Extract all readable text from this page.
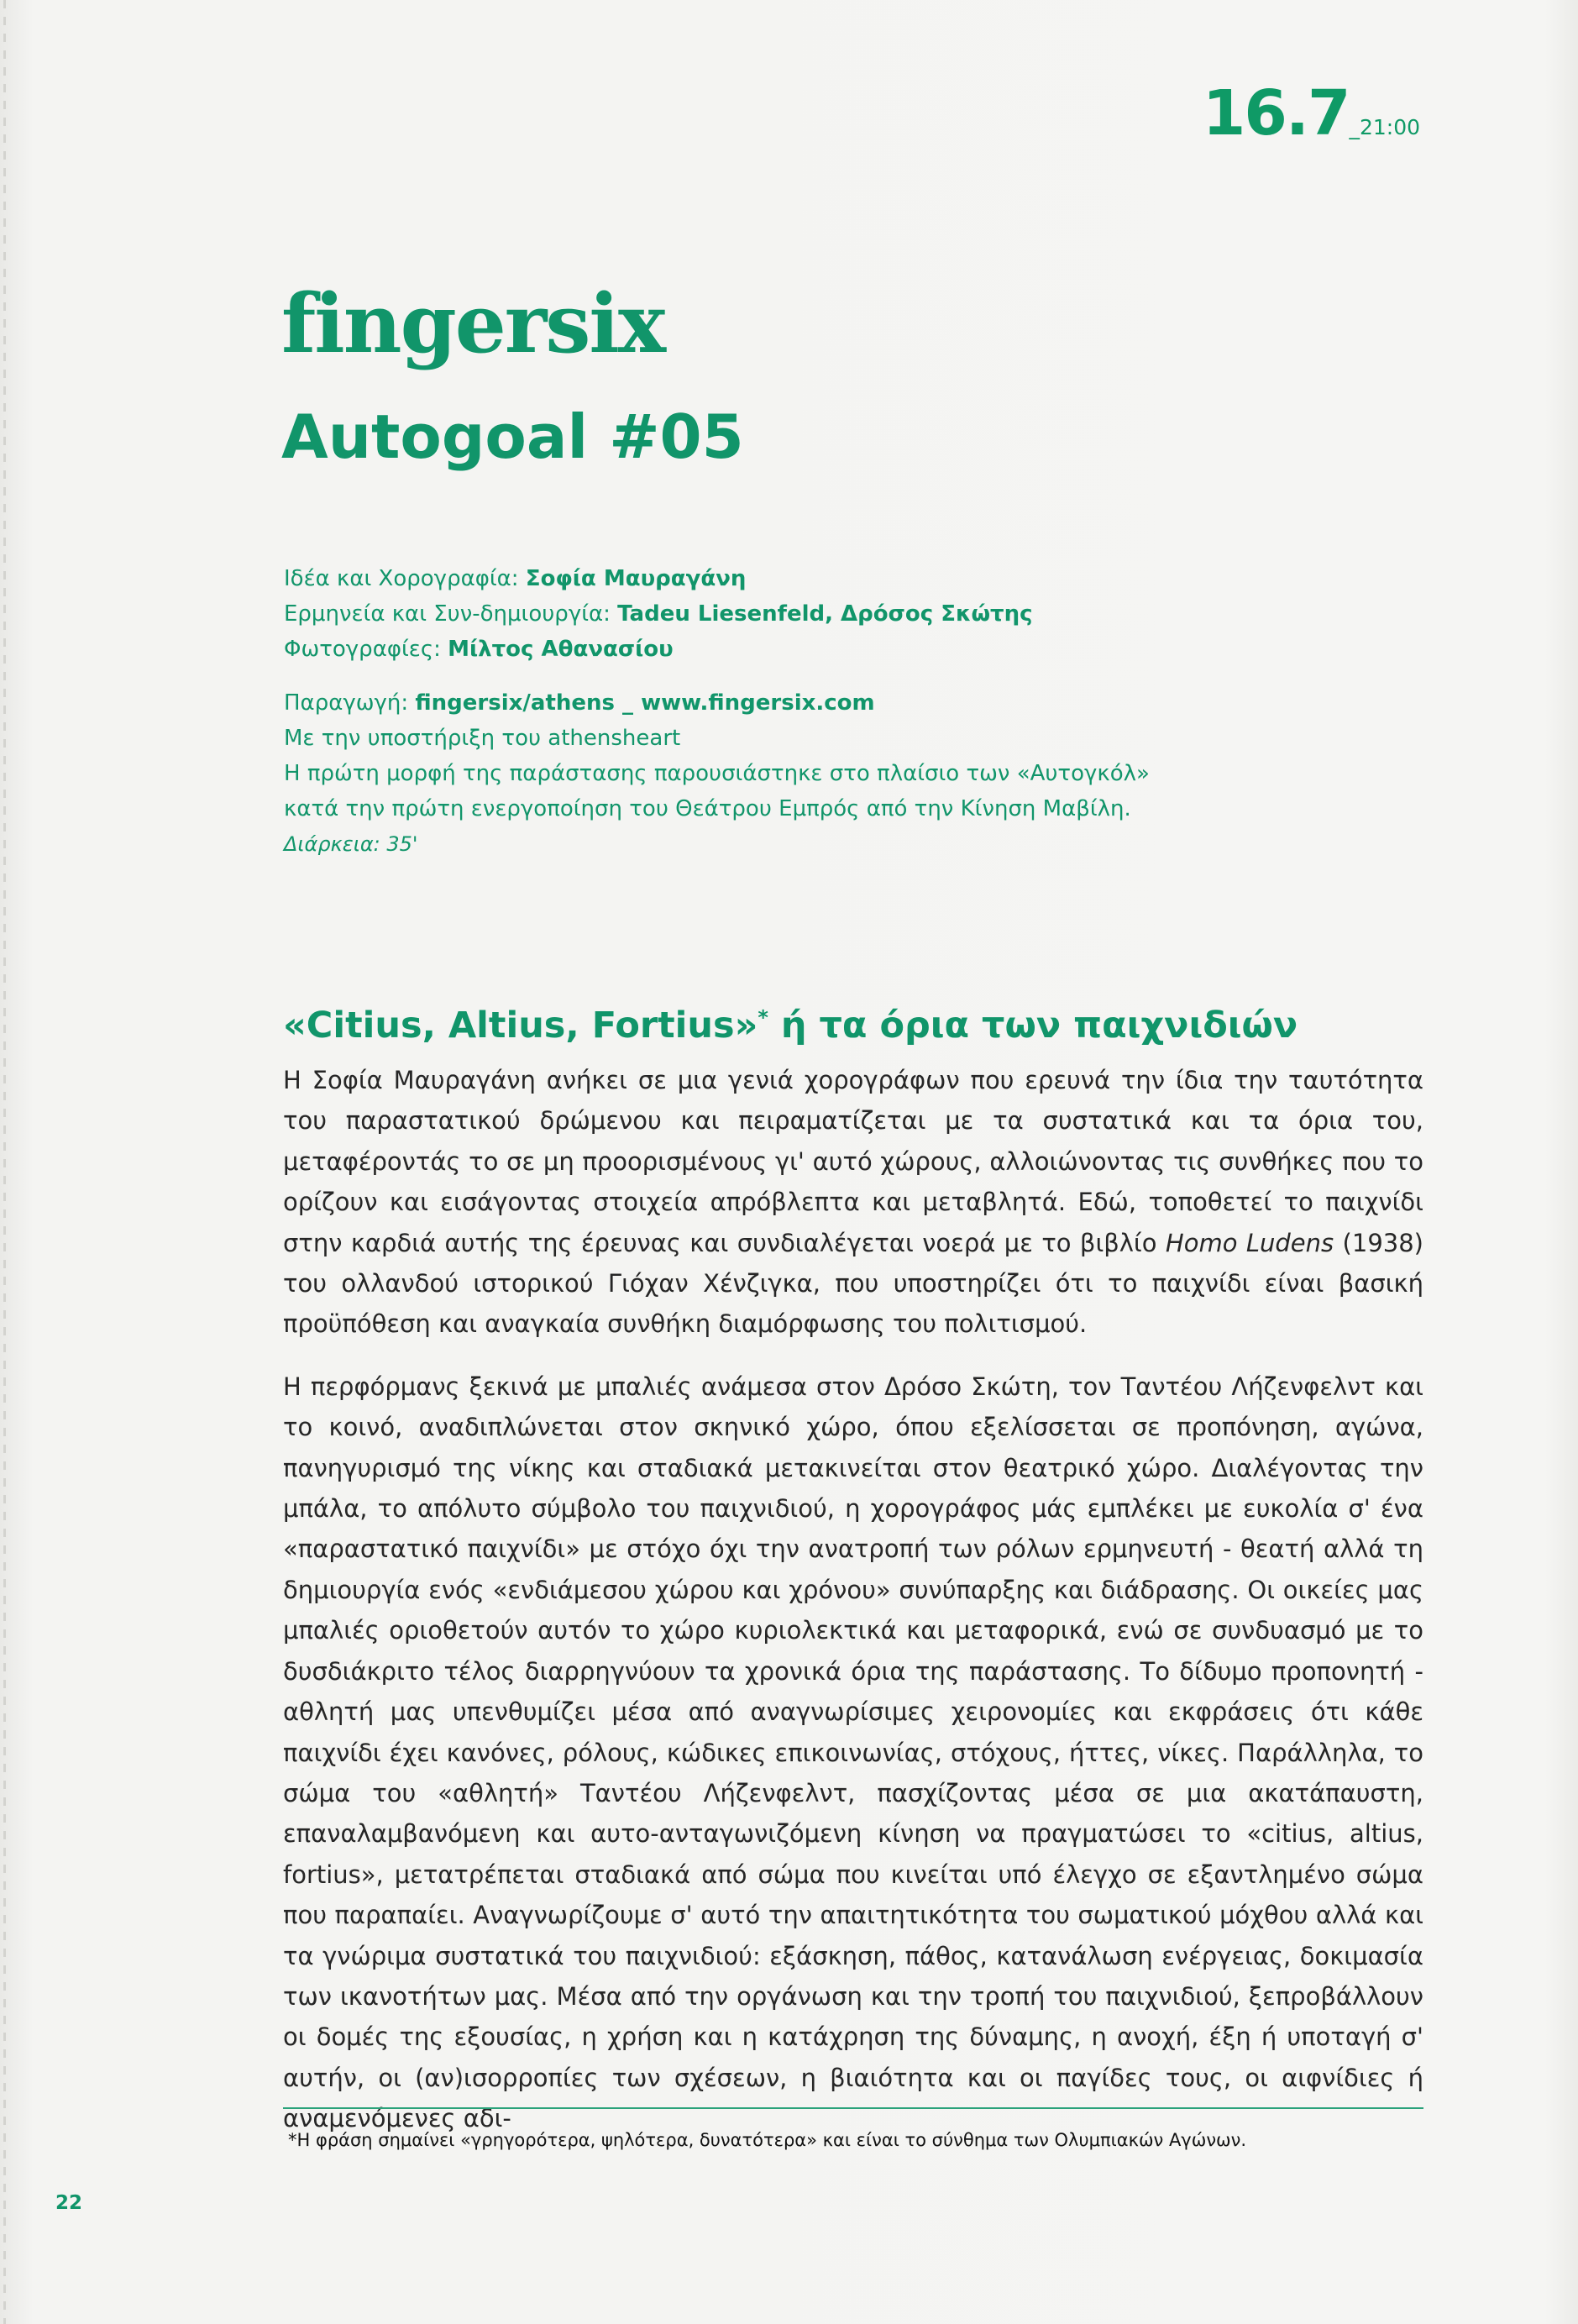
16.7_21:00
fingersix
Autogoal #05
Ιδέα και Χορογραφία: Σοφία Μαυραγάνη
Ερμηνεία και Συν-δημιουργία: Tadeu Liesenfeld, Δρόσος Σκώτης
Φωτογραφίες: Μίλτος Αθανασίου
Παραγωγή: fingersix/athens _ www.fingersix.com
Με την υποστήριξη του athensheart
Η πρώτη μορφή της παράστασης παρουσιάστηκε στο πλαίσιο των «Αυτογκόλ»
κατά την πρώτη ενεργοποίηση του Θεάτρου Εμπρός από την Κίνηση Μαβίλη.
Διάρκεια: 35'
«Citius, Altius, Fortius»* ή τα όρια των παιχνιδιών

Η Σοφία Μαυραγάνη ανήκει σε μια γενιά χορογράφων που ερευνά την ίδια την ταυτότητα του παραστατικού δρώμενου και πειραματίζεται με τα συστατικά και τα όρια του, μεταφέροντάς το σε μη προορισμένους γι' αυτό χώρους, αλλοιώνοντας τις συνθήκες που το ορίζουν και εισάγοντας στοιχεία απρόβλεπτα και μεταβλητά. Εδώ, τοποθετεί το παιχνίδι στην καρδιά αυτής της έρευνας και συνδιαλέγεται νοερά με το βιβλίο Homo Ludens (1938) του ολλανδού ιστορικού Γιόχαν Χένζιγκα, που υποστηρίζει ότι το παιχνίδι είναι βασική προϋπόθεση και αναγκαία συνθήκη διαμόρφωσης του πολιτισμού.

Η περφόρμανς ξεκινά με μπαλιές ανάμεσα στον Δρόσο Σκώτη, τον Ταντέου Λήζενφελντ και το κοινό, αναδιπλώνεται στον σκηνικό χώρο, όπου εξελίσσεται σε προπόνηση, αγώνα, πανηγυρισμό της νίκης και σταδιακά μετακινείται στον θεατρικό χώρο. Διαλέγοντας την μπάλα, το απόλυτο σύμβολο του παιχνιδιού, η χορογράφος μάς εμπλέκει με ευκολία σ' ένα «παραστατικό παιχνίδι» με στόχο όχι την ανατροπή των ρόλων ερμηνευτή - θεατή αλλά τη δημιουργία ενός «ενδιάμεσου χώρου και χρόνου» συνύπαρξης και διάδρασης. Οι οικείες μας μπαλιές οριοθετούν αυτόν το χώρο κυριολεκτικά και μεταφορικά, ενώ σε συνδυασμό με το δυσδιάκριτο τέλος διαρρηγνύουν τα χρονικά όρια της παράστασης. Το δίδυμο προπονητή - αθλητή μας υπενθυμίζει μέσα από αναγνωρίσιμες χειρονομίες και εκφράσεις ότι κάθε παιχνίδι έχει κανόνες, ρόλους, κώδικες επικοινωνίας, στόχους, ήττες, νίκες. Παράλληλα, το σώμα του «αθλητή» Ταντέου Λήζενφελντ, πασχίζοντας μέσα σε μια ακατάπαυστη, επαναλαμβανόμενη και αυτο-ανταγωνιζόμενη κίνηση να πραγματώσει το «citius, altius, fortius», μετατρέπεται σταδιακά από σώμα που κινείται υπό έλεγχο σε εξαντλημένο σώμα που παραπαίει. Αναγνωρίζουμε σ' αυτό την απαιτητικότητα του σωματικού μόχθου αλλά και τα γνώριμα συστατικά του παιχνιδιού: εξάσκηση, πάθος, κατανάλωση ενέργειας, δοκιμασία των ικανοτήτων μας. Μέσα από την οργάνωση και την τροπή του παιχνιδιού, ξεπροβάλλουν οι δομές της εξουσίας, η χρήση και η κατάχρηση της δύναμης, η ανοχή, έξη ή υποταγή σ' αυτήν, οι (αν)ισορροπίες των σχέσεων, η βιαιότητα και οι παγίδες τους, οι αιφνίδιες ή αναμενόμενες αδι-

*Η φράση σημαίνει «γρηγορότερα, ψηλότερα, δυνατότερα» και είναι το σύνθημα των Ολυμπιακών Αγώνων.
22
